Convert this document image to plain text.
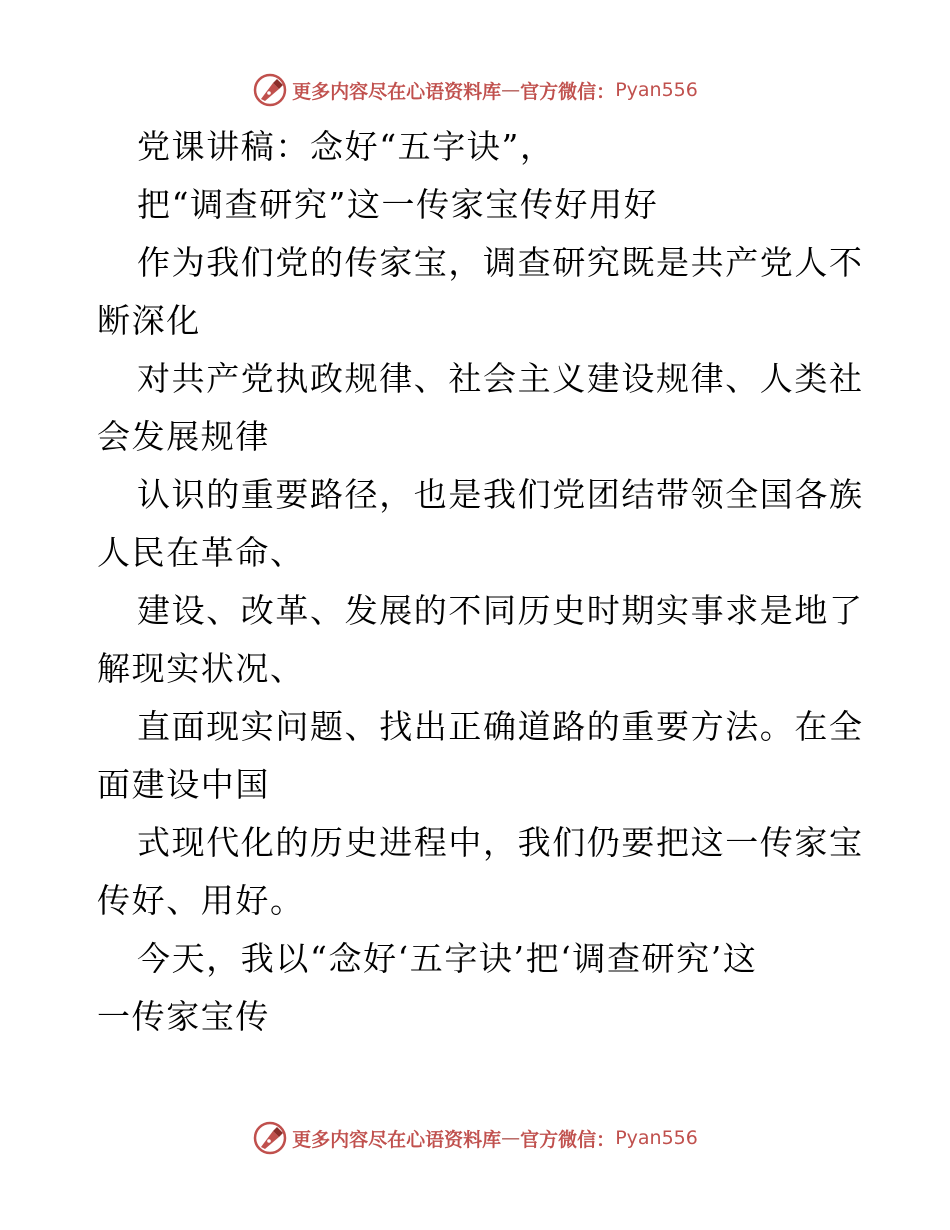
更多内容尽在心语资料库 — 官方微信： Pyan556
党课讲稿：念好“五字诀”，
把“调查研究”这一传家宝传好用好
作为我们党的传家宝，调查研究既是共产党人不
断深化
对共产党执政规律、社会主义建设规律、人类社
会发展规律
认识的重要路径，也是我们党团结带领全国各族
人民在革命、
建设、改革、发展的不同历史时期实事求是地了
解现实状况、
直面现实问题、找出正确道路的重要方法。在全
面建设中国
式现代化的历史进程中，我们仍要把这一传家宝
传好、用好。
今天，我以“念好‘五字诀’把‘调查研究’这
一传家宝传
更多内容尽在心语资料库 — 官方微信： Pyan556
